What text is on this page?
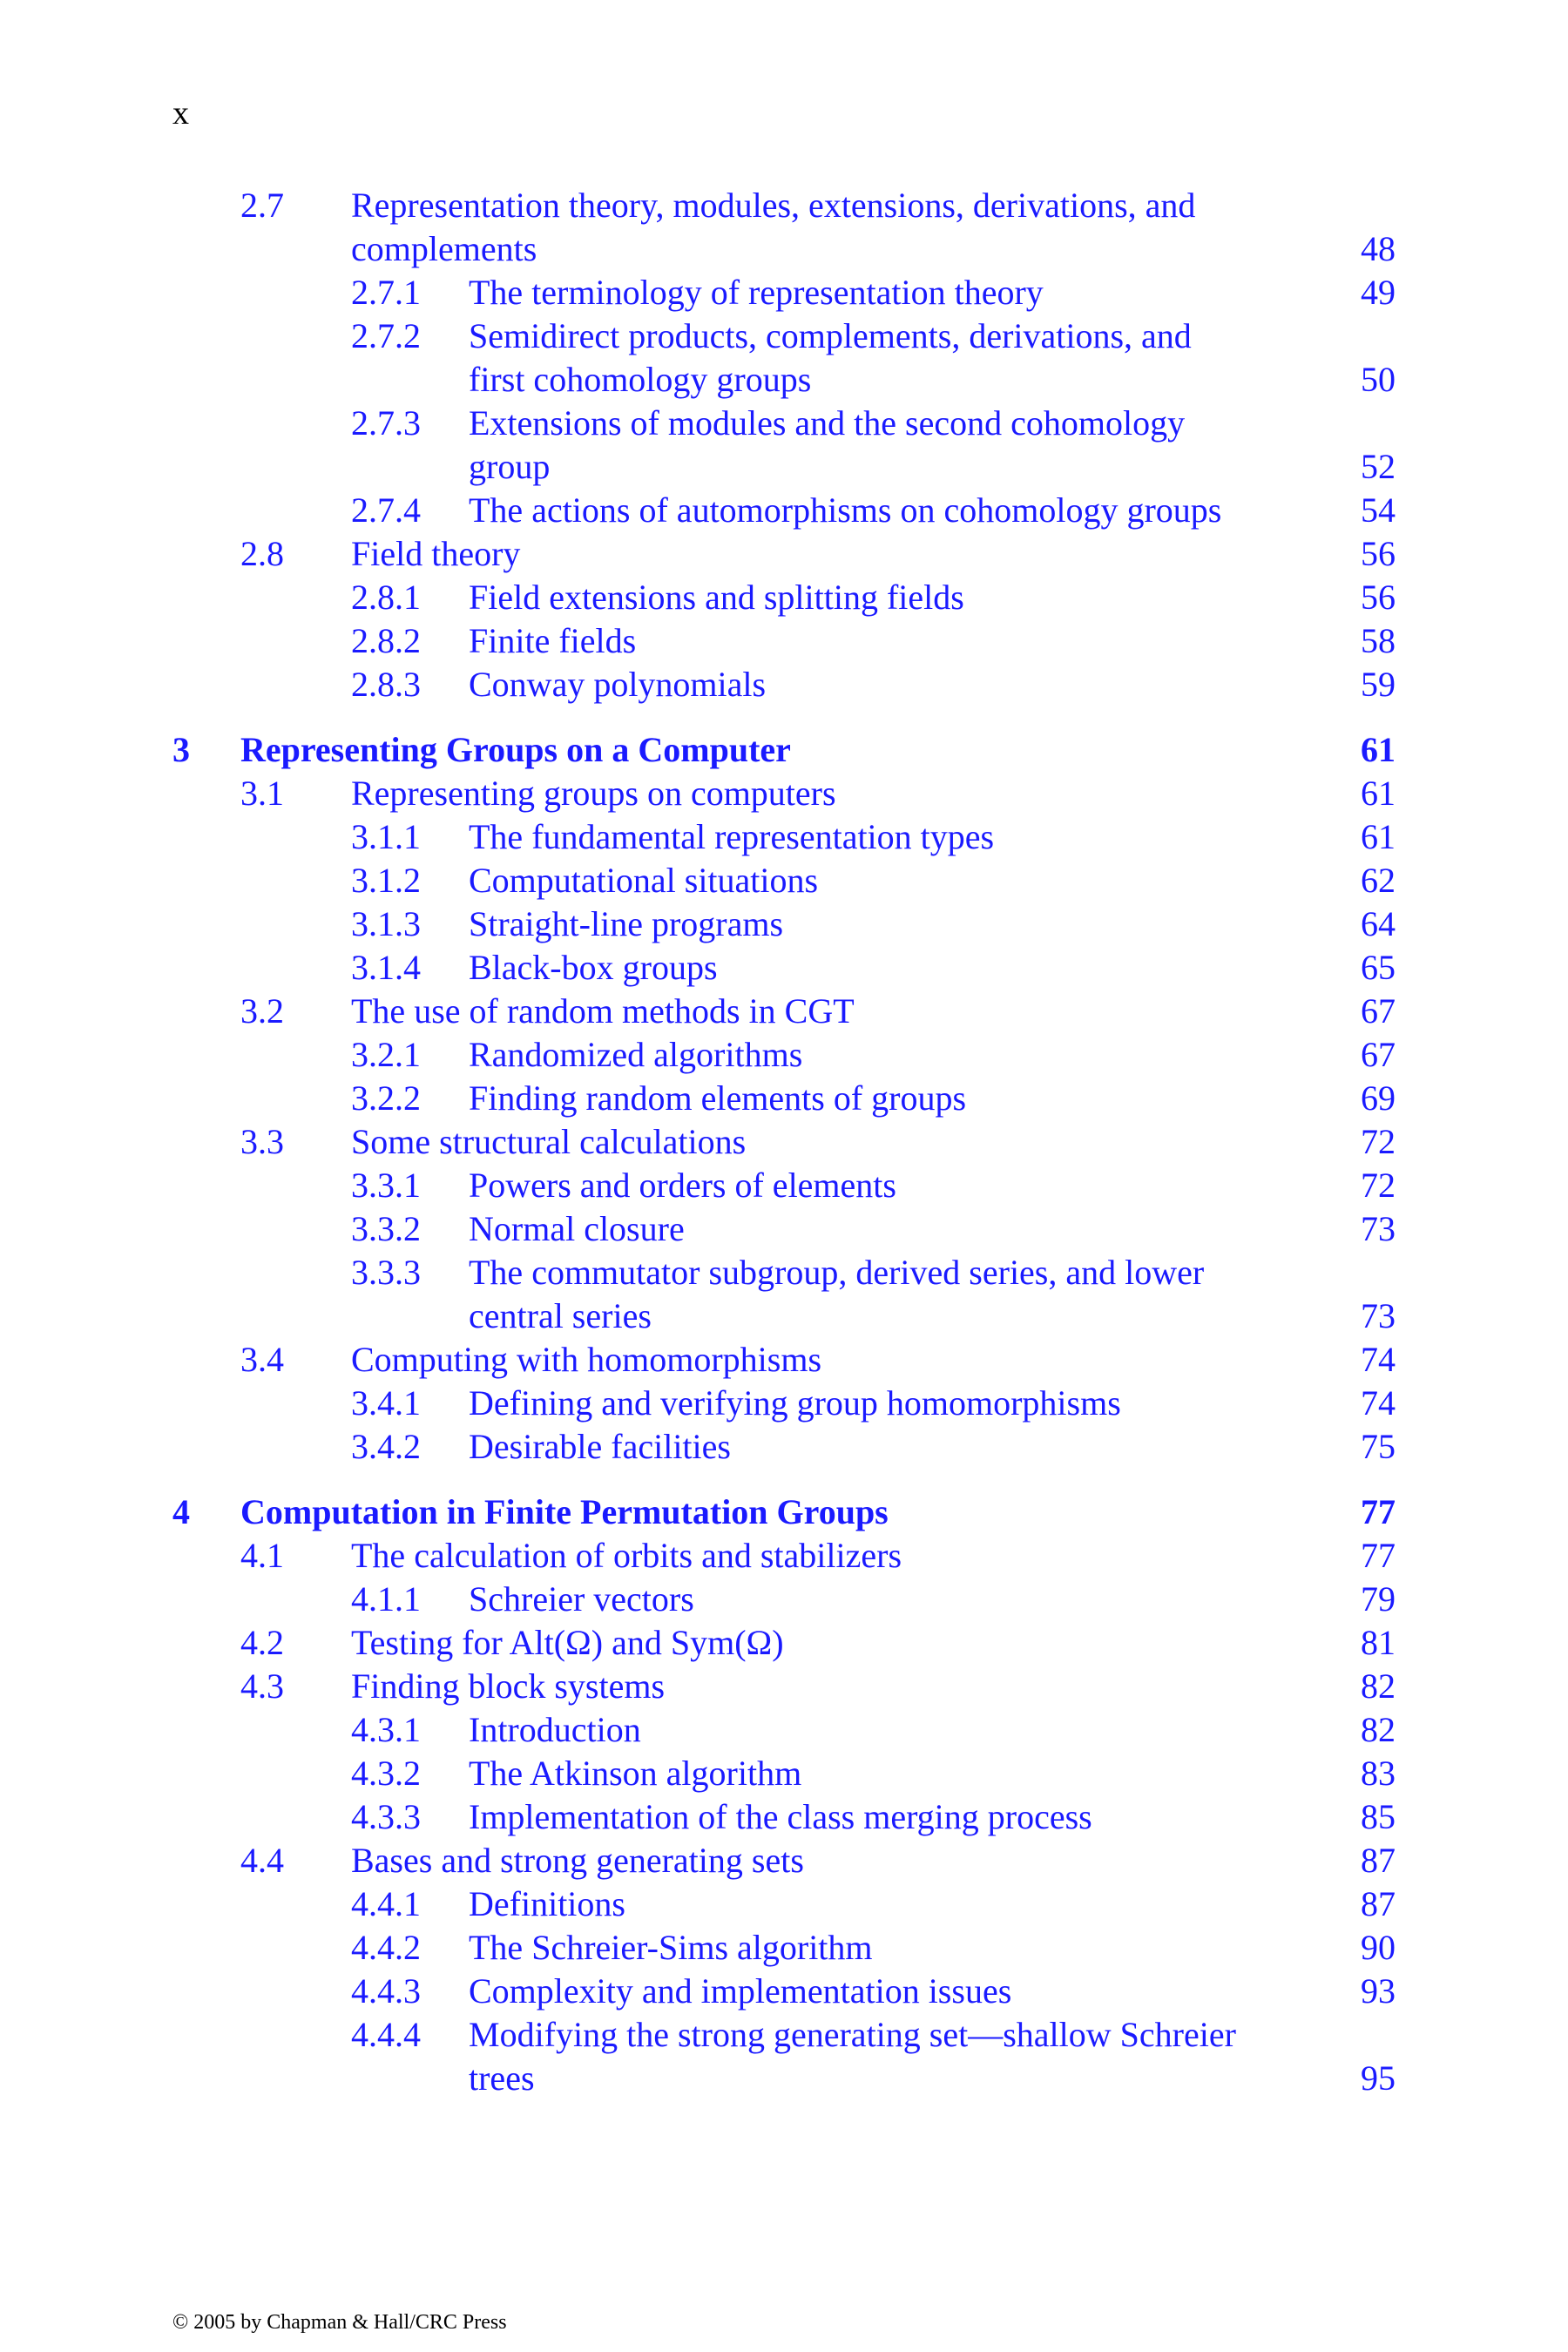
x
2.7 Representation theory, modules, extensions, derivations, and
complements	48
2.7.1 The terminology of representation theory	49
2.7.2 Semidirect products, complements, derivations, and
first cohomology groups	50
2.7.3 Extensions of modules and the second cohomology
group	52
2.7.4 The actions of automorphisms on cohomology groups	54
2.8 Field theory	56
2.8.1 Field extensions and splitting fields	56
2.8.2 Finite fields	58
2.8.3 Conway polynomials	59
3 Representing Groups on a Computer	61
3.1 Representing groups on computers	61
3.1.1 The fundamental representation types	61
3.1.2 Computational situations	62
3.1.3 Straight-line programs	64
3.1.4 Black-box groups	65
3.2 The use of random methods in CGT	67
3.2.1 Randomized algorithms	67
3.2.2 Finding random elements of groups	69
3.3 Some structural calculations	72
3.3.1 Powers and orders of elements	72
3.3.2 Normal closure	73
3.3.3 The commutator subgroup, derived series, and lower
central series	73
3.4 Computing with homomorphisms	74
3.4.1 Defining and verifying group homomorphisms	74
3.4.2 Desirable facilities	75
4 Computation in Finite Permutation Groups	77
4.1 The calculation of orbits and stabilizers	77
4.1.1 Schreier vectors	79
4.2 Testing for Alt(Ω) and Sym(Ω)	81
4.3 Finding block systems	82
4.3.1 Introduction	82
4.3.2 The Atkinson algorithm	83
4.3.3 Implementation of the class merging process	85
4.4 Bases and strong generating sets	87
4.4.1 Definitions	87
4.4.2 The Schreier-Sims algorithm	90
4.4.3 Complexity and implementation issues	93
4.4.4 Modifying the strong generating set—shallow Schreier
trees	95
© 2005 by Chapman & Hall/CRC Press
